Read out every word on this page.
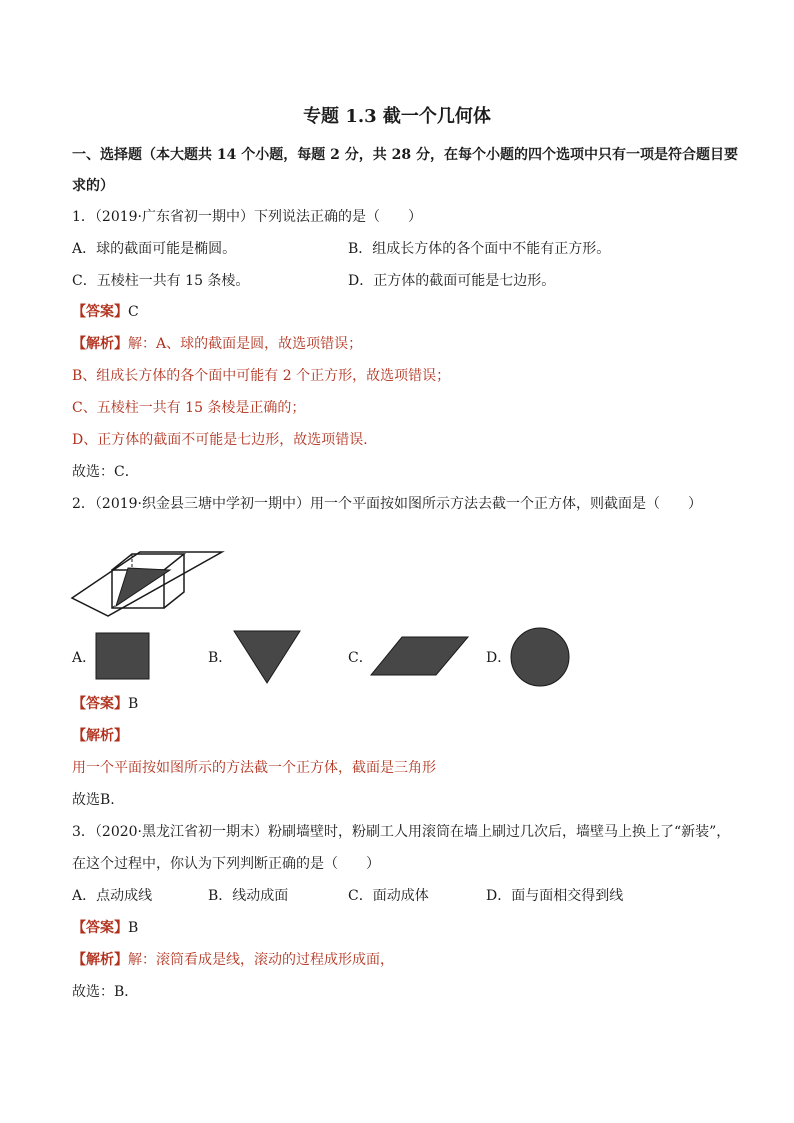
专题 1.3 截一个几何体
一、选择题（本大题共 14 个小题，每题 2 分，共 28 分，在每个小题的四个选项中只有一项是符合题目要
求的）
1．（2019·广东省初一期中）下列说法正确的是（　　）
A．球的截面可能是椭圆。	B．组成长方体的各个面中不能有正方形。
C．五棱柱一共有 15 条棱。	D．正方体的截面可能是七边形。
【答案】C
【解析】解：A、球的截面是圆，故选项错误；
B、组成长方体的各个面中可能有 2 个正方形，故选项错误；
C、五棱柱一共有 15 条棱是正确的；
D、正方体的截面不可能是七边形，故选项错误．
故选：C．
2．（2019·织金县三塘中学初一期中）用一个平面按如图所示方法去截一个正方体，则截面是（　　）
A．	B．	C．	D．
【答案】B
【解析】
用一个平面按如图所示的方法截一个正方体，截面是三角形
故选B.
3．（2020·黑龙江省初一期末）粉刷墙壁时，粉刷工人用滚筒在墙上刷过几次后，墙壁马上换上了“新装”，
在这个过程中，你认为下列判断正确的是（　　）
A．点动成线	B．线动成面	C．面动成体	D．面与面相交得到线
【答案】B
【解析】解：滚筒看成是线，滚动的过程成形成面，
故选：B．
